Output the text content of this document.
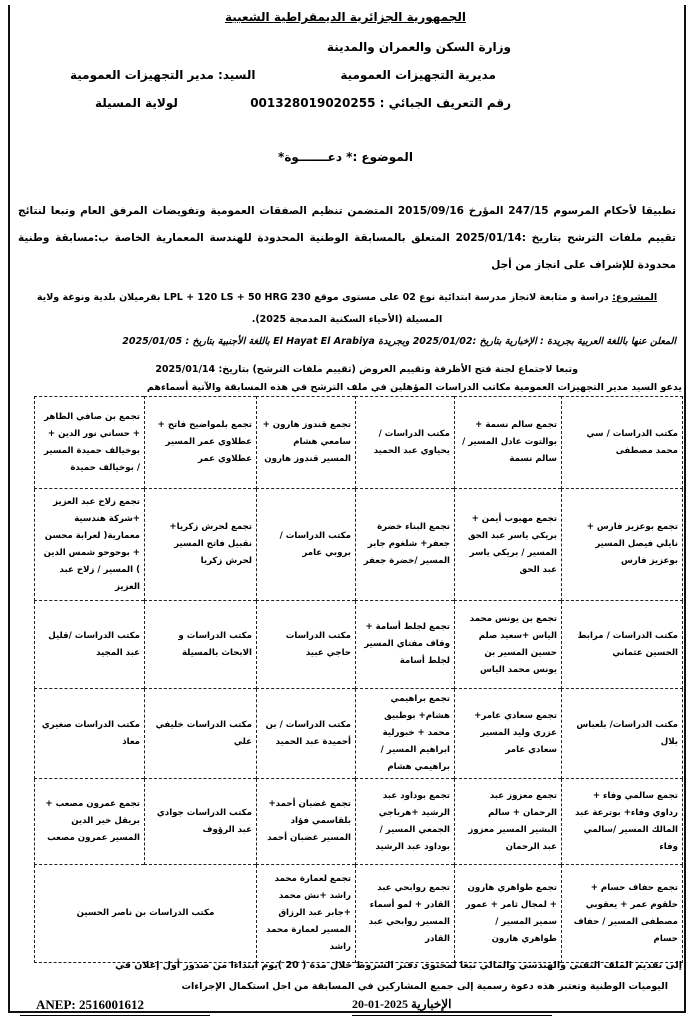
الجمهورية الجزائرية الديمقراطية الشعبية
وزارة السكن والعمران والمدينة
مديرية التجهيزات العمومية
رقم التعريف الجبائي : 001328019020255
السيد: مدير التجهيزات العمومية
لولاية المسيلة
الموضوع :* دعـــــــوة*
تطبيقا لأحكام المرسوم 247/15 المؤرخ 2015/09/16 المتضمن تنظيم الصفقات العمومية وتفويضات المرفق العام وتبعا لنتائج تقييم ملفات الترشح بتاريخ :2025/01/14 المتعلق بالمسابقة الوطنية المحدودة للهندسة المعمارية الخاصة ب:مسابقة وطنية محدودة للإشراف على انجاز من أجل
المشروع: دراسة و متابعة لانجاز مدرسة ابتدائية نوع 02 على مستوى موقع 230 LPL + 120 LS + 50 HRG بقرميلان بلدية ونوغة ولاية المسيلة (الأحياء السكنية المدمجة 2025).
المعلن عنها باللغة العربية بجريدة : الإخبارية بتاريخ :2025/01/02 وبجريدة El Hayat El Arabiya باللغة الأجنبية بتاريخ : 2025/01/05
وتبعا لاجتماع لجنة فتح الأظرفة وتقييم العروض (تقييم ملفات الترشح) بتاريخ: 2025/01/14
يدعو السيد مدير التجهيزات العمومية مكاتب الدراسات المؤهلين في ملف الترشح في هذه المسابقة والآتية أسماءهم
مكتب الدراسات / سي محمد مصطفى	تجمع سالم نسمة + بوالتوت عادل المسير / سالم نسمة	مكتب الدراسات / يحياوي عبد الحميد	تجمع قندوز هارون + سامعي هشام المسير قندوز هارون	تجمع بلمواضيح فاتح + عطلاوي عمر المسير عطلاوي عمر	تجمع بن صافي الطاهر + حساني نور الدين + بوخيالف حميدة المسير / بوخيالف حميدة
تجمع بوعزيز فارس + نايلي فيصل المسير بوعزيز فارس	تجمع مهيوب أيمن + بريكي ياسر عبد الحق المسير / بريكي ياسر عبد الحق	تجمع البناء خضرة جعفر+ شلغوم جابر المسير /خضرة جعفر	مكتب الدراسات /بروبي عامر	تجمع لحرش زكريا+ نقبيل فاتح المسير لحرش زكريا	تجمع زلاح عبد العزيز +شركة هندسية معمارية( لعرابة محسن + بوحوحو شمس الدين ) المسير / زلاح عبد العزيز
مكتب الدراسات / مرابط الحسين عثماني	تجمع بن يونس محمد الياس +سعيد صلم حسين المسير بن يونس محمد الياس	تجمع لجلط أسامة + وقاف مفتاي المسير لجلط أسامة	مكتب الدراسات حاجي عبيد	مكتب الدراسات و الابحاث بالمسيلة	مكتب الدراسات /قليل عبد المجيد
مكتب الدراسات/ بلعباس بلال	تجمع سعادي عامر+ عزري وليد المسير سعادي عامر	تجمع براهيمي هشام+ بوطبيق محمد + خبورلية ابراهيم المسير / براهيمي هشام	مكتب الدراسات / بن أحميدة عبد الحميد	مكتب الدراسات خليفي علي	مكتب الدراسات صغيري معاذ
تجمع سالمي وفاء + رداوي وفاء+ بوترعة عبد المالك المسير /سالمي وفاء	تجمع معزوز عبد الرحمان + سالم البشير المسير معزوز عبد الرحمان	تجمع بوداود عبد الرشيد +هرباجي الجمعي المسير / بوداود عبد الرشيد	تجمع غضبان أحمد+ بلقاسمي فؤاد المسير غضبان أحمد	مكتب الدراسات جوادي عبد الرؤوف	تجمع عمرون مصعب + بريقل خير الدين المسير عمرون مصعب
تجمع حفاف حسام + حلقوم عمر + يعقوبي مصطفى المسير / حفاف حسام	تجمع طواهري هارون + لمجال ثامر + عمور سمير المسير / طواهري هارون	تجمع روابحي عبد القادر + لمو أسماء المسير روابحي عبد القادر	تجمع لعمارة محمد راشد +نش محمد +جابر عبد الرزاق المسير لعمارة محمد راشد	مكتب الدراسات بن ناصر الحسين	
إلى تقديم الملف التقني والهندسي والمالي تبعا لمحتوى دفتر الشروط خلال مدة ( 20 )يوم ابتداءا من صدور أول إعلان في
اليوميات الوطنية وتعتبر هذه دعوة رسمية إلى جميع المشاركين في المسابقة من اجل استكمال الإجراءات
ANEP: 2516001612	الإخبارية 2025-01-20
